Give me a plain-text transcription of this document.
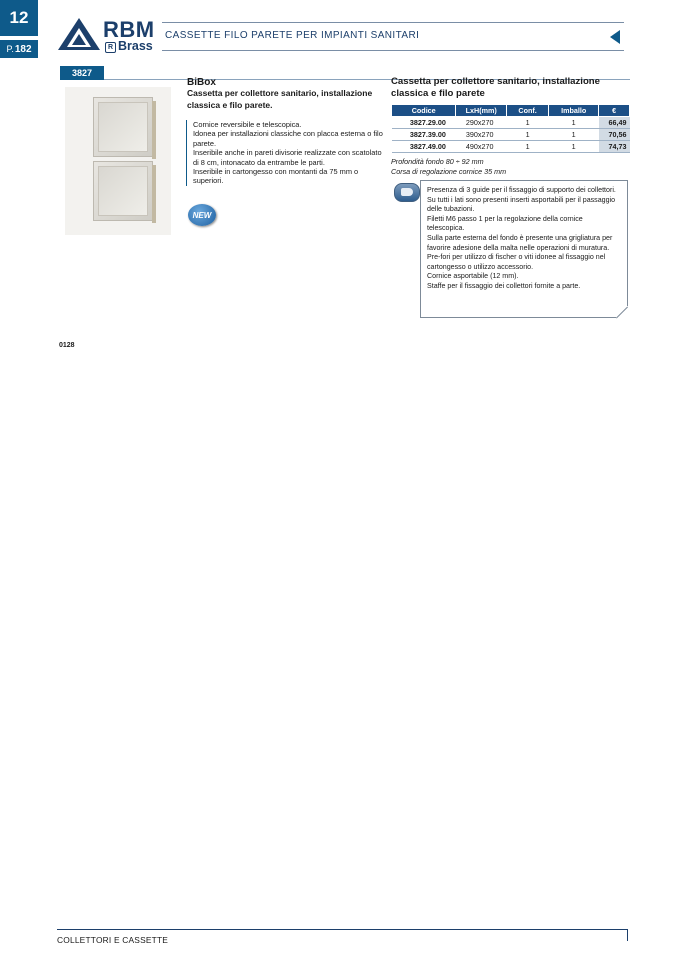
12
P. 182
RBM
R Brass
CASSETTE FILO PARETE PER IMPIANTI SANITARI
3827
BiBox
Cassetta per collettore sanitario, installazione classica e filo parete.
Cornice reversibile e telescopica.
Idonea per installazioni classiche con placca esterna o filo parete.
Inseribile anche in pareti divisorie realizzate con scatolato di 8 cm, intonacato da entrambe le parti.
Inseribile in cartongesso con montanti da 75 mm o superiori.
NEW
Cassetta per collettore sanitario, installazione classica e filo parete
Codice	LxH(mm)	Conf.	Imballo	€
3827.29.00	290x270	1	1	66,49
3827.39.00	390x270	1	1	70,56
3827.49.00	490x270	1	1	74,73
Profondità fondo 80 ÷ 92 mm
Corsa di regolazione cornice 35 mm
Presenza di 3 guide per il fissaggio di supporto dei collettori.
Su tutti i lati sono presenti inserti asportabili per il passaggio delle tubazioni.
Filetti M6 passo 1 per la regolazione della cornice telescopica.
Sulla parte esterna del fondo è presente una grigliatura per favorire adesione della malta nelle operazioni di muratura.
Pre-fori per utilizzo di fischer o viti idonee al fissaggio nel cartongesso o utilizzo accessorio.
Cornice asportabile (12 mm).
Staffe per il fissaggio dei collettori fornite a parte.
0128
COLLETTORI E CASSETTE
